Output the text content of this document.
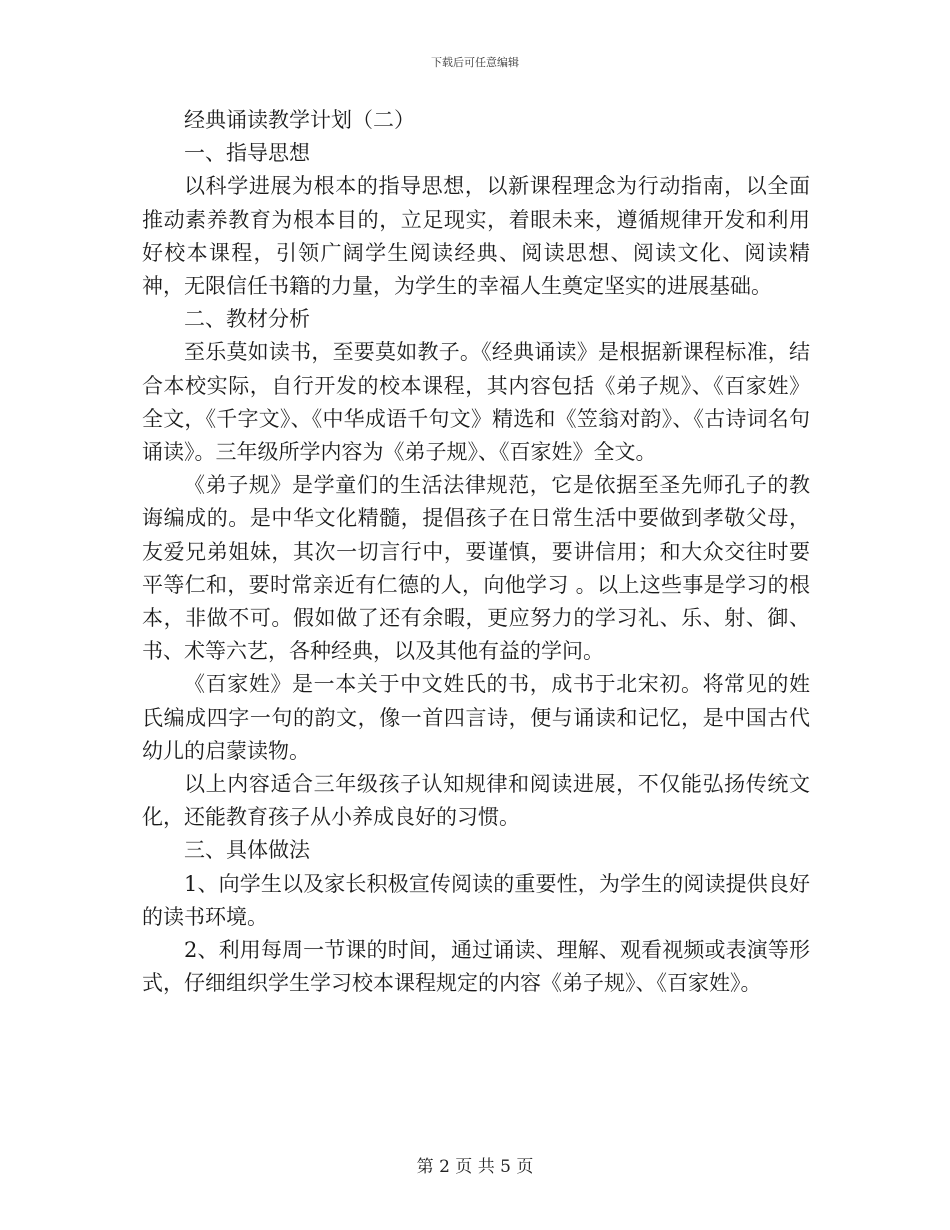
下载后可任意编辑

经典诵读教学计划（二）

一、指导思想

以科学进展为根本的指导思想，以新课程理念为行动指南，以全面推动素养教育为根本目的，立足现实，着眼未来，遵循规律开发和利用好校本课程，引领广阔学生阅读经典、阅读思想、阅读文化、阅读精神，无限信任书籍的力量，为学生的幸福人生奠定坚实的进展基础。

二、教材分析

至乐莫如读书，至要莫如教子。《经典诵读》是根据新课程标准，结合本校实际，自行开发的校本课程，其内容包括《弟子规》、《百家姓》全文，《千字文》、《中华成语千句文》精选和《笠翁对韵》、《古诗词名句诵读》。三年级所学内容为《弟子规》、《百家姓》全文。

《弟子规》是学童们的生活法律规范，它是依据至圣先师孔子的教诲编成的。是中华文化精髓，提倡孩子在日常生活中要做到孝敬父母，友爱兄弟姐妹，其次一切言行中，要谨慎，要讲信用；和大众交往时要平等仁和，要时常亲近有仁德的人，向他学习 。以上这些事是学习的根本，非做不可。假如做了还有余暇，更应努力的学习礼、乐、射、御、书、术等六艺，各种经典，以及其他有益的学问。

《百家姓》是一本关于中文姓氏的书，成书于北宋初。将常见的姓氏编成四字一句的韵文，像一首四言诗，便与诵读和记忆，是中国古代幼儿的启蒙读物。

以上内容适合三年级孩子认知规律和阅读进展，不仅能弘扬传统文化，还能教育孩子从小养成良好的习惯。

三、具体做法

1、向学生以及家长积极宣传阅读的重要性，为学生的阅读提供良好的读书环境。

2、利用每周一节课的时间，通过诵读、理解、观看视频或表演等形式，仔细组织学生学习校本课程规定的内容《弟子规》、《百家姓》。

第 2 页 共 5 页
